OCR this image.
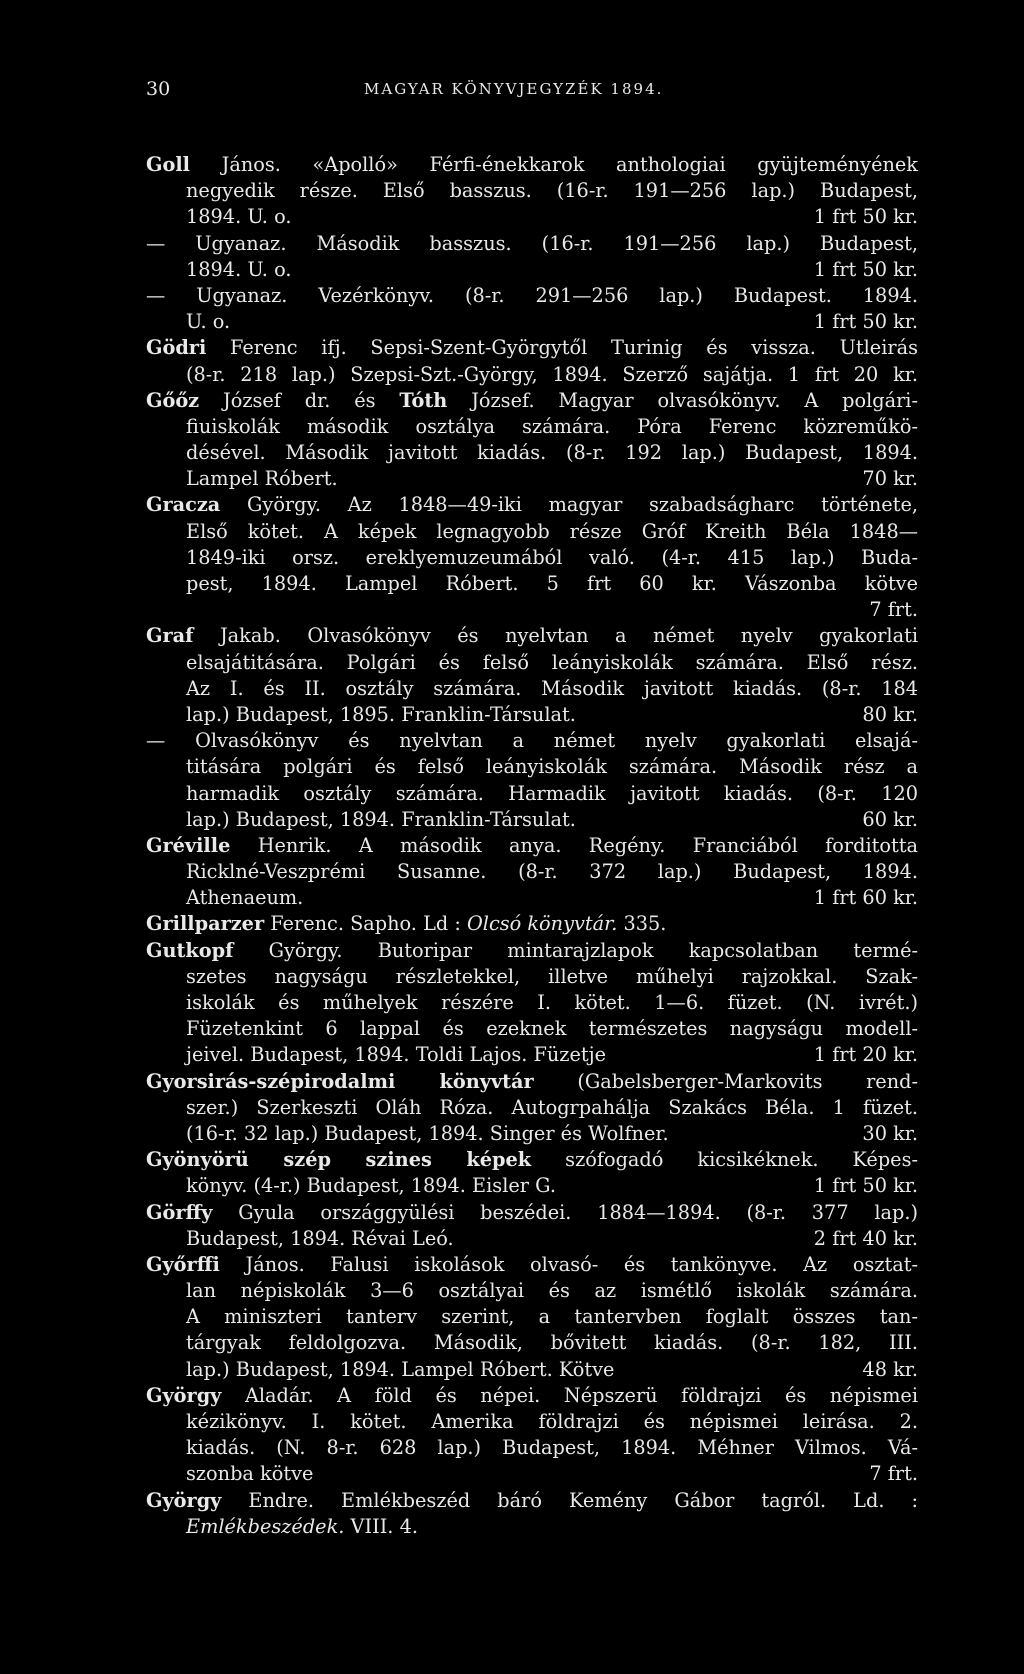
30	MAGYAR KÖNYVJEGYZÉK 1894.
Goll János. «Apolló» Férfi-énekkarok anthologiai gyüjteményének
negyedik része. Első basszus. (16-r. 191—256 lap.) Budapest,
1894. U. o.	1 frt 50 kr.
— Ugyanaz. Második basszus. (16-r. 191—256 lap.) Budapest,
1894. U. o.	1 frt 50 kr.
— Ugyanaz. Vezérkönyv. (8-r. 291—256 lap.) Budapest. 1894.
U. o.	1 frt 50 kr.
Gödri Ferenc ifj. Sepsi-Szent-Györgytől Turinig és vissza. Utleirás
(8-r. 218 lap.) Szepsi-Szt.-György, 1894. Szerző sajátja. 1 frt 20 kr.
Gőőz József dr. és Tóth József. Magyar olvasókönyv. A polgári-
fiuiskolák második osztálya számára. Póra Ferenc közreműkö-
désével. Második javitott kiadás. (8-r. 192 lap.) Budapest, 1894.
Lampel Róbert.	70 kr.
Gracza György. Az 1848—49-iki magyar szabadságharc története,
Első kötet. A képek legnagyobb része Gróf Kreith Béla 1848—
1849-iki orsz. ereklyemuzeumából való. (4-r. 415 lap.) Buda-
pest, 1894. Lampel Róbert. 5 frt 60 kr. Vászonba kötve
7 frt.
Graf Jakab. Olvasókönyv és nyelvtan a német nyelv gyakorlati
elsajátitására. Polgári és felső leányiskolák számára. Első rész.
Az I. és II. osztály számára. Második javitott kiadás. (8-r. 184
lap.) Budapest, 1895. Franklin-Társulat.	80 kr.
— Olvasókönyv és nyelvtan a német nyelv gyakorlati elsajá-
titására polgári és felső leányiskolák számára. Második rész a
harmadik osztály számára. Harmadik javitott kiadás. (8-r. 120
lap.) Budapest, 1894. Franklin-Társulat.	60 kr.
Gréville Henrik. A második anya. Regény. Franciából forditotta
Ricklné-Veszprémi Susanne. (8-r. 372 lap.) Budapest, 1894.
Athenaeum.	1 frt 60 kr.
Grillparzer Ferenc. Sapho. Ld : Olcsó könyvtár. 335.
Gutkopf György. Butoripar mintarajzlapok kapcsolatban termé-
szetes nagyságu részletekkel, illetve műhelyi rajzokkal. Szak-
iskolák és műhelyek részére I. kötet. 1—6. füzet. (N. ivrét.)
Füzetenkint 6 lappal és ezeknek természetes nagyságu modell-
jeivel. Budapest, 1894. Toldi Lajos. Füzetje	1 frt 20 kr.
Gyorsirás-szépirodalmi könyvtár (Gabelsberger-Markovits rend-
szer.) Szerkeszti Oláh Róza. Autogrpahálja Szakács Béla. 1 füzet.
(16-r. 32 lap.) Budapest, 1894. Singer és Wolfner.	30 kr.
Gyönyörü szép szines képek szófogadó kicsikéknek. Képes-
könyv. (4-r.) Budapest, 1894. Eisler G.	1 frt 50 kr.
Görffy Gyula országgyülési beszédei. 1884—1894. (8-r. 377 lap.)
Budapest, 1894. Révai Leó.	2 frt 40 kr.
Győrffi János. Falusi iskolások olvasó- és tankönyve. Az osztat-
lan népiskolák 3—6 osztályai és az ismétlő iskolák számára.
A miniszteri tanterv szerint, a tantervben foglalt összes tan-
tárgyak feldolgozva. Második, bővitett kiadás. (8-r. 182, III.
lap.) Budapest, 1894. Lampel Róbert. Kötve	48 kr.
György Aladár. A föld és népei. Népszerü földrajzi és népismei
kézikönyv. I. kötet. Amerika földrajzi és népismei leirása. 2.
kiadás. (N. 8-r. 628 lap.) Budapest, 1894. Méhner Vilmos. Vá-
szonba kötve	7 frt.
György Endre. Emlékbeszéd báró Kemény Gábor tagról. Ld. :
Emlékbeszédek. VIII. 4.
